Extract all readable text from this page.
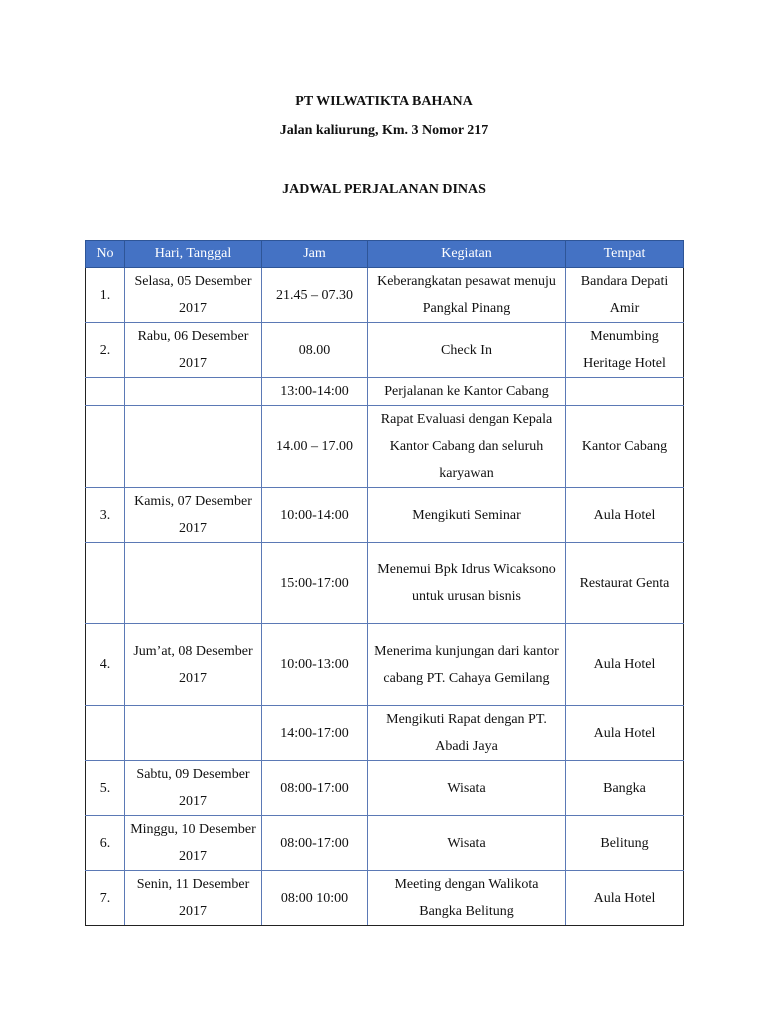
PT WILWATIKTA BAHANA
Jalan kaliurung, Km. 3 Nomor 217
JADWAL PERJALANAN DINAS
No	Hari, Tanggal	Jam	Kegiatan	Tempat
1.	Selasa, 05 Desember 2017	21.45 – 07.30	Keberangkatan pesawat menuju Pangkal Pinang	Bandara Depati Amir
2.	Rabu, 06 Desember 2017	08.00	Check In	Menumbing Heritage Hotel
		13:00-14:00	Perjalanan ke Kantor Cabang	
		14.00 – 17.00	Rapat Evaluasi dengan Kepala Kantor Cabang dan seluruh karyawan	Kantor Cabang
3.	Kamis, 07 Desember 2017	10:00-14:00	Mengikuti Seminar	Aula Hotel
		15:00-17:00	Menemui Bpk Idrus Wicaksono untuk urusan bisnis	Restaurat Genta
4.	Jum’at, 08 Desember 2017	10:00-13:00	Menerima kunjungan dari kantor cabang PT. Cahaya Gemilang	Aula Hotel
		14:00-17:00	Mengikuti Rapat dengan PT. Abadi Jaya	Aula Hotel
5.	Sabtu, 09 Desember 2017	08:00-17:00	Wisata	Bangka
6.	Minggu, 10 Desember 2017	08:00-17:00	Wisata	Belitung
7.	Senin, 11 Desember 2017	08:00 10:00	Meeting dengan Walikota Bangka Belitung	Aula Hotel
